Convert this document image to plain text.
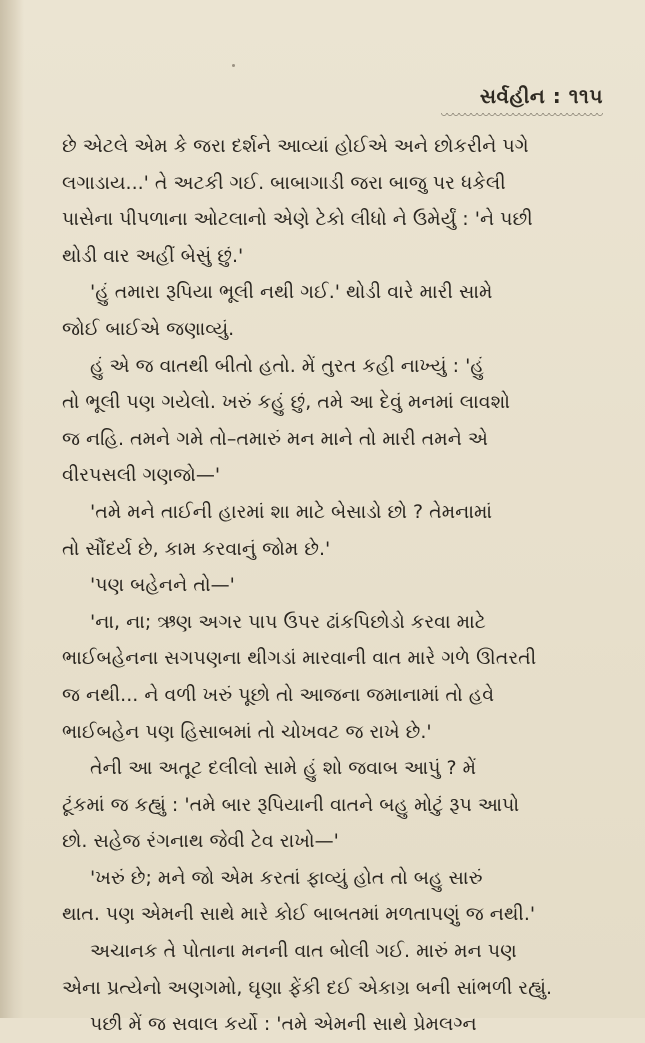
સર્વહીન : ૧૧૫
છે એટલે એમ કે જરા દર્શને આવ્યાં હોઈએ અને છોકરીને પગે
લગાડાય...' તે અટકી ગઈ. બાબાગાડી જરા બાજુ પર ધકેલી
પાસેના પીપળાના ઓટલાનો એણે ટેકો લીધો ને ઉમેર્યું : 'ને પછી
થોડી વાર અહીં બેસું છું.'
'હું તમારા રૂપિયા ભૂલી નથી ગઈ.' થોડી વારે મારી સામે
જોઈ બાઈએ જણાવ્યું.
હું એ જ વાતથી બીતો હતો. મેં તુરત કહી નાખ્યું : 'હું
તો ભૂલી પણ ગયેલો. ખરું કહું છું, તમે આ દેવું મનમાં લાવશો
જ નહિ. તમને ગમે તો–તમારું મન માને તો મારી તમને એ
વીરપસલી ગણજો—'
'તમે મને તાઈની હારમાં શા માટે બેસાડો છો ? તેમનામાં
તો સૌંદર્ય છે, કામ કરવાનું જોમ છે.'
'પણ બહેનને તો—'
'ના, ના; ઋણ અગર પાપ ઉપર ઢાંકપિછોડો કરવા માટે
ભાઈબહેનના સગપણના થીગડાં મારવાની વાત મારે ગળે ઊતરતી
જ નથી... ને વળી ખરું પૂછો તો આજના જમાનામાં તો હવે
ભાઈબહેન પણ હિસાબમાં તો ચોખવટ જ રાખે છે.'
તેની આ અતૂટ દલીલો સામે હું શો જવાબ આપું ? મેં
ટૂંકમાં જ કહ્યું : 'તમે બાર રૂપિયાની વાતને બહુ મોટું રૂપ આપો
છો. સહેજ રંગનાથ જેવી ટેવ રાખો—'
'ખરું છે; મને જો એમ કરતાં ફાવ્યું હોત તો બહુ સારું
થાત. પણ એમની સાથે મારે કોઈ બાબતમાં મળતાપણું જ નથી.'
અચાનક તે પોતાના મનની વાત બોલી ગઈ. મારું મન પણ
એના પ્રત્યેનો અણગમો, ઘૃણા ફેંકી દઈ એકાગ્ર બની સાંભળી રહ્યું.
પછી મેં જ સવાલ કર્યો : 'તમે એમની સાથે પ્રેમલગ્ન
